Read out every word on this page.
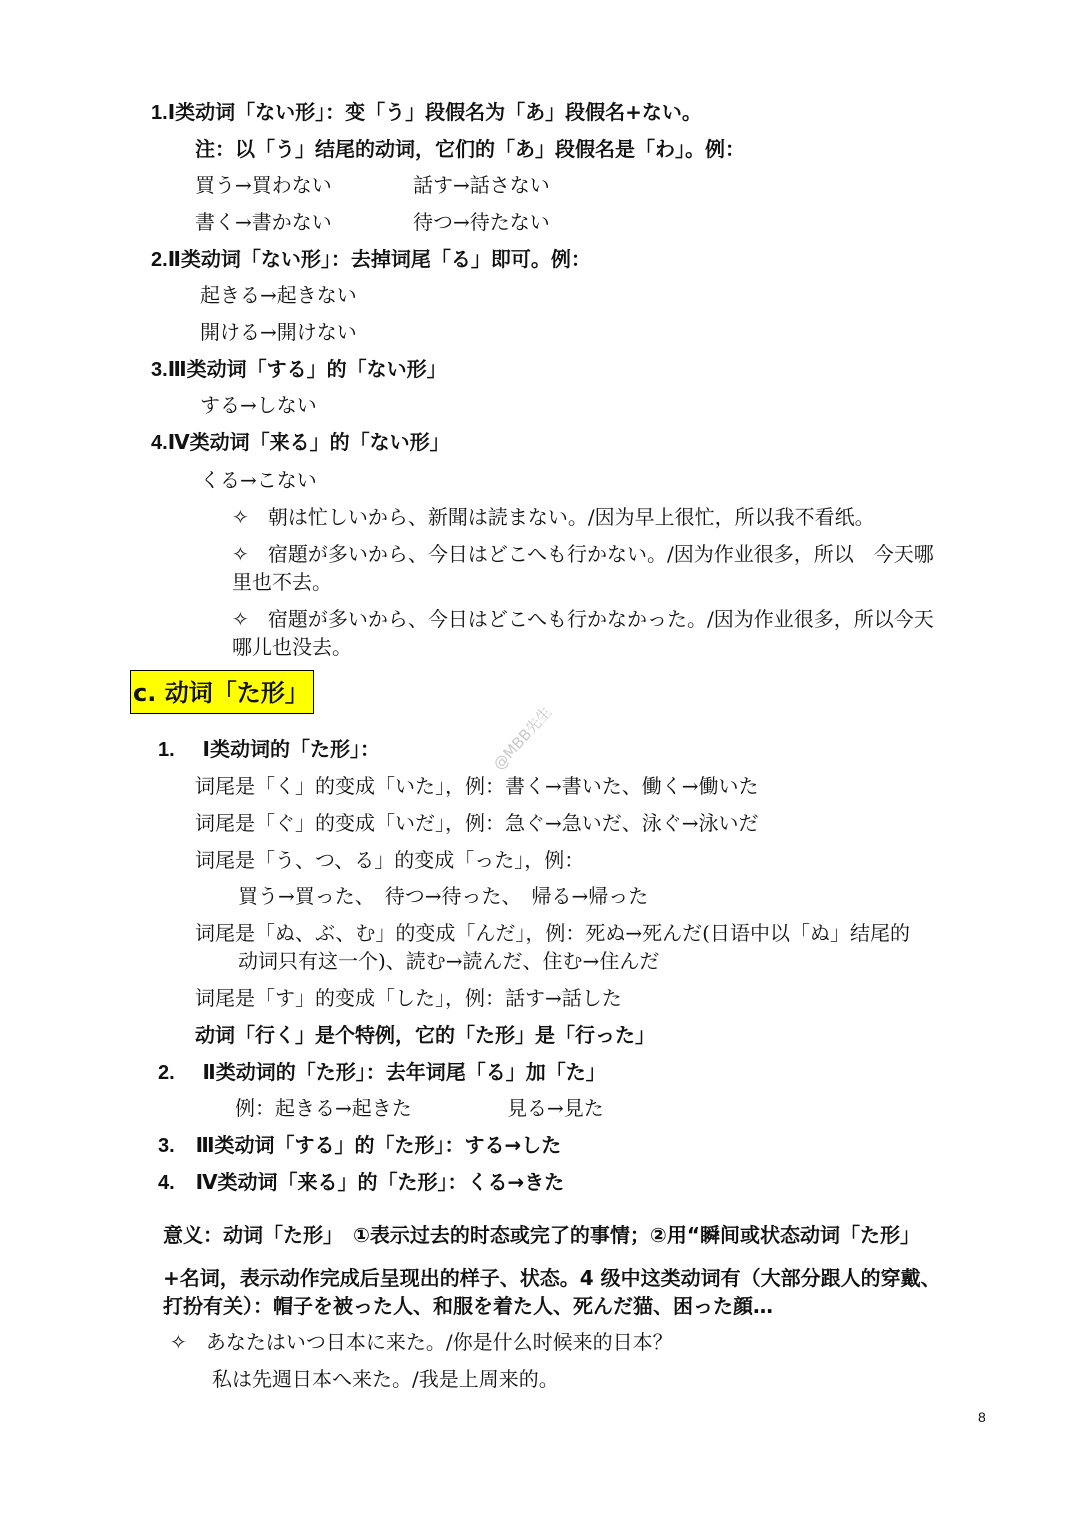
1.Ⅰ类动词「ない形」：变「う」段假名为「あ」段假名+ない。
注：以「う」结尾的动词，它们的「あ」段假名是「わ」。例：
買う→買わない	話す→話さない
書く→書かない	待つ→待たない
2.Ⅱ类动词「ない形」：去掉词尾「る」即可。例：
起きる→起きない
開ける→開けない
3.Ⅲ类动词「する」的「ない形」
する→しない
4.Ⅳ类动词「来る」的「ない形」
くる→こない
✧ 朝は忙しいから、新聞は読まない。/因为早上很忙，所以我不看纸。
✧ 宿題が多いから、今日はどこへも行かない。/因为作业很多，所以　今天哪
里也不去。
✧ 宿題が多いから、今日はどこへも行かなかった。/因为作业很多，所以今天
哪儿也没去。
c. 动词「た形」
@MBB先生
1. Ⅰ类动词的「た形」：
词尾是「く」的变成「いた」，例：書く→書いた、働く→働いた
词尾是「ぐ」的变成「いだ」，例：急ぐ→急いだ、泳ぐ→泳いだ
词尾是「う、つ、る」的变成「った」，例：
買う→買った、　待つ→待った、　帰る→帰った
词尾是「ぬ、ぶ、む」的变成「んだ」，例：死ぬ→死んだ(日语中以「ぬ」结尾的
动词只有这一个)、読む→読んだ、住む→住んだ
词尾是「す」的变成「した」，例：話す→話した
动词「行く」是个特例，它的「た形」是「行った」
2. Ⅱ类动词的「た形」：去年词尾「る」加「た」
例：起きる→起きた	見る→見た
3. Ⅲ类动词「する」的「た形」：する→した
4. Ⅳ类动词「来る」的「た形」：くる→きた
意义：动词「た形」　①表示过去的时态或完了的事情；②用“瞬间或状态动词「た形」
+名词，表示动作完成后呈现出的样子、状态。4 级中这类动词有（大部分跟人的穿戴、
打扮有关）：帽子を被った人、和服を着た人、死んだ猫、困った顔…
✧ あなたはいつ日本に来た。/你是什么时候来的日本？
私は先週日本へ来た。/我是上周来的。
8
